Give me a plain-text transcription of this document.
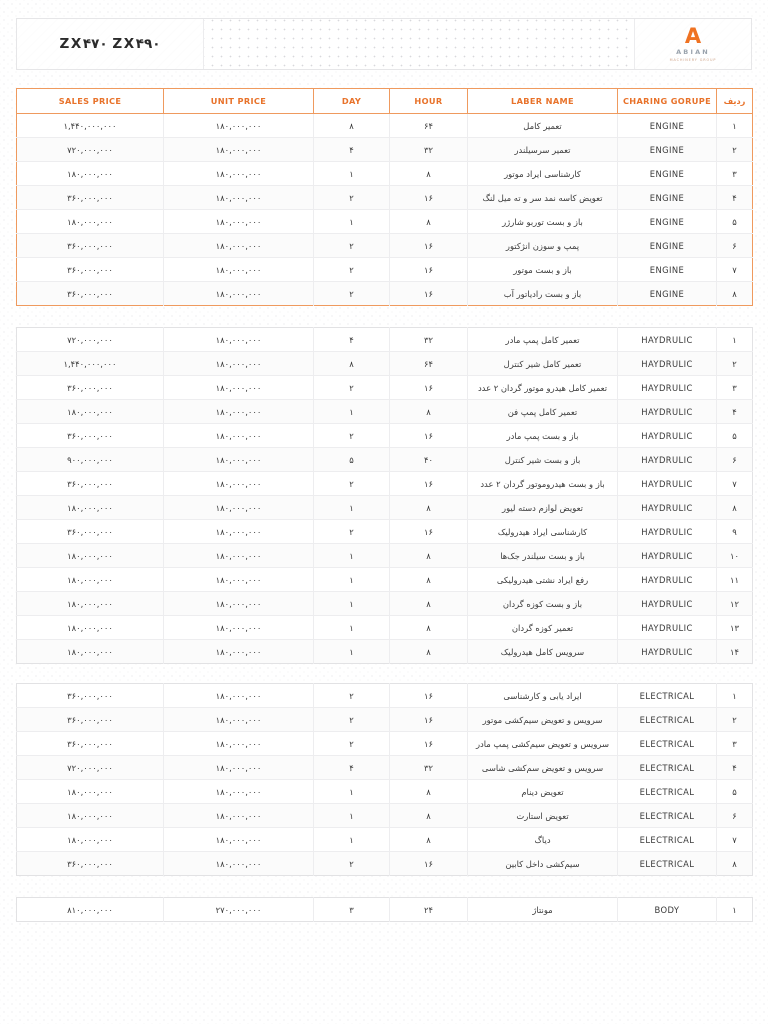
A
ABIAN
MACHINERY GROUP
ZX۴۷۰ ZX۴۹۰
ردیف	CHARING GORUPE	LABER NAME	HOUR	DAY	UNIT PRICE	SALES PRICE
۱	ENGINE	تعمیر کامل	۶۴	۸	۱۸۰,۰۰۰,۰۰۰	۱,۴۴۰,۰۰۰,۰۰۰
۲	ENGINE	تعمیر سرسیلندر	۳۲	۴	۱۸۰,۰۰۰,۰۰۰	۷۲۰,۰۰۰,۰۰۰
۳	ENGINE	کارشناسی ایراد موتور	۸	۱	۱۸۰,۰۰۰,۰۰۰	۱۸۰,۰۰۰,۰۰۰
۴	ENGINE	تعویض کاسه نمد سر و ته میل لنگ	۱۶	۲	۱۸۰,۰۰۰,۰۰۰	۳۶۰,۰۰۰,۰۰۰
۵	ENGINE	باز و بست توربو شارژر	۸	۱	۱۸۰,۰۰۰,۰۰۰	۱۸۰,۰۰۰,۰۰۰
۶	ENGINE	پمپ و سوزن انژکتور	۱۶	۲	۱۸۰,۰۰۰,۰۰۰	۳۶۰,۰۰۰,۰۰۰
۷	ENGINE	باز و بست موتور	۱۶	۲	۱۸۰,۰۰۰,۰۰۰	۳۶۰,۰۰۰,۰۰۰
۸	ENGINE	باز و بست رادیاتور آب	۱۶	۲	۱۸۰,۰۰۰,۰۰۰	۳۶۰,۰۰۰,۰۰۰
۱	HAYDRULIC	تعمیر کامل پمپ مادر	۳۲	۴	۱۸۰,۰۰۰,۰۰۰	۷۲۰,۰۰۰,۰۰۰
۲	HAYDRULIC	تعمیر کامل شیر کنترل	۶۴	۸	۱۸۰,۰۰۰,۰۰۰	۱,۴۴۰,۰۰۰,۰۰۰
۳	HAYDRULIC	تعمیر کامل هیدرو موتور گردان ۲ عدد	۱۶	۲	۱۸۰,۰۰۰,۰۰۰	۳۶۰,۰۰۰,۰۰۰
۴	HAYDRULIC	تعمیر کامل پمپ فن	۸	۱	۱۸۰,۰۰۰,۰۰۰	۱۸۰,۰۰۰,۰۰۰
۵	HAYDRULIC	باز و بست پمپ مادر	۱۶	۲	۱۸۰,۰۰۰,۰۰۰	۳۶۰,۰۰۰,۰۰۰
۶	HAYDRULIC	باز و بست شیر کنترل	۴۰	۵	۱۸۰,۰۰۰,۰۰۰	۹۰۰,۰۰۰,۰۰۰
۷	HAYDRULIC	باز و بست هیدروموتور گردان ۲ عدد	۱۶	۲	۱۸۰,۰۰۰,۰۰۰	۳۶۰,۰۰۰,۰۰۰
۸	HAYDRULIC	تعویض لوازم دسته لیور	۸	۱	۱۸۰,۰۰۰,۰۰۰	۱۸۰,۰۰۰,۰۰۰
۹	HAYDRULIC	کارشناسی ایراد هیدرولیک	۱۶	۲	۱۸۰,۰۰۰,۰۰۰	۳۶۰,۰۰۰,۰۰۰
۱۰	HAYDRULIC	باز و بست سیلندر جک‌ها	۸	۱	۱۸۰,۰۰۰,۰۰۰	۱۸۰,۰۰۰,۰۰۰
۱۱	HAYDRULIC	رفع ایراد نشتی هیدرولیکی	۸	۱	۱۸۰,۰۰۰,۰۰۰	۱۸۰,۰۰۰,۰۰۰
۱۲	HAYDRULIC	باز و بست کوزه گردان	۸	۱	۱۸۰,۰۰۰,۰۰۰	۱۸۰,۰۰۰,۰۰۰
۱۳	HAYDRULIC	تعمیر کوزه گردان	۸	۱	۱۸۰,۰۰۰,۰۰۰	۱۸۰,۰۰۰,۰۰۰
۱۴	HAYDRULIC	سرویس کامل هیدرولیک	۸	۱	۱۸۰,۰۰۰,۰۰۰	۱۸۰,۰۰۰,۰۰۰
۱	ELECTRICAL	ایراد یابی و کارشناسی	۱۶	۲	۱۸۰,۰۰۰,۰۰۰	۳۶۰,۰۰۰,۰۰۰
۲	ELECTRICAL	سرویس و تعویض سیم‌کشی موتور	۱۶	۲	۱۸۰,۰۰۰,۰۰۰	۳۶۰,۰۰۰,۰۰۰
۳	ELECTRICAL	سرویس و تعویض سیم‌کشی پمپ مادر	۱۶	۲	۱۸۰,۰۰۰,۰۰۰	۳۶۰,۰۰۰,۰۰۰
۴	ELECTRICAL	سرویس و تعویض سم‌کشی شاسی	۳۲	۴	۱۸۰,۰۰۰,۰۰۰	۷۲۰,۰۰۰,۰۰۰
۵	ELECTRICAL	تعویض دینام	۸	۱	۱۸۰,۰۰۰,۰۰۰	۱۸۰,۰۰۰,۰۰۰
۶	ELECTRICAL	تعویض استارت	۸	۱	۱۸۰,۰۰۰,۰۰۰	۱۸۰,۰۰۰,۰۰۰
۷	ELECTRICAL	دیاگ	۸	۱	۱۸۰,۰۰۰,۰۰۰	۱۸۰,۰۰۰,۰۰۰
۸	ELECTRICAL	سیم‌کشی داخل کابین	۱۶	۲	۱۸۰,۰۰۰,۰۰۰	۳۶۰,۰۰۰,۰۰۰
۱	BODY	مونتاژ	۲۴	۳	۲۷۰,۰۰۰,۰۰۰	۸۱۰,۰۰۰,۰۰۰
